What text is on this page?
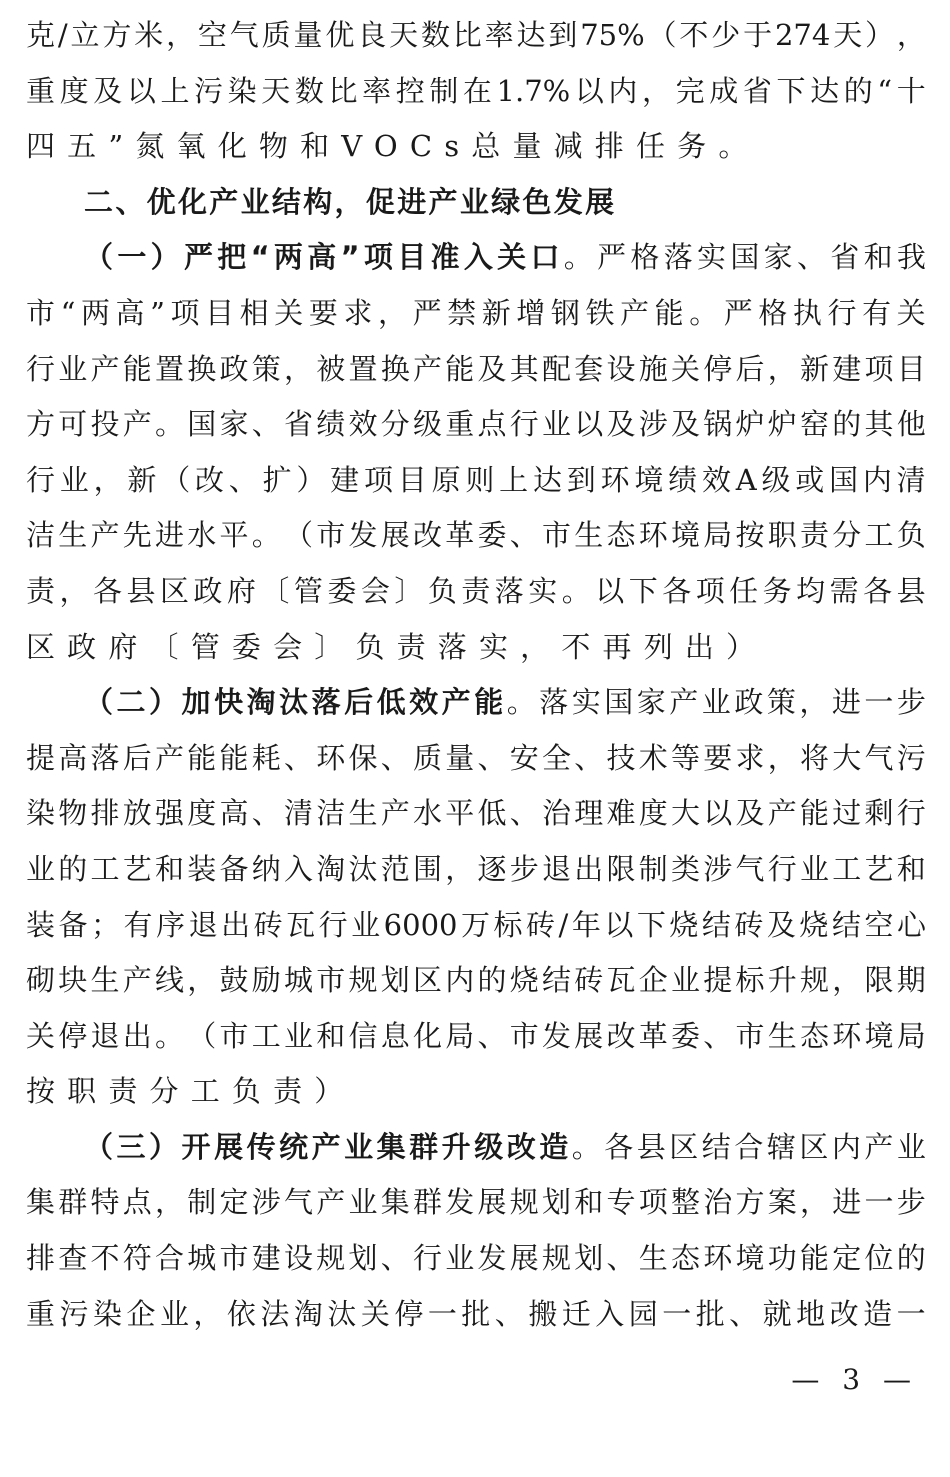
克 / 立 方 米 ， 空 气 质 量 优 良 天 数 比 率 达 到 75% （ 不 少 于 274 天 ） ，
重 度 及 以 上 污 染 天 数 比 率 控 制 在 1.7% 以 内 ， 完 成 省 下 达 的 “ 十
四五”氮氧化物和VOCs总量减排任务。
二、优化产业结构，促进产业绿色发展
（ 一 ） 严 把 “ 两 高 ” 项 目 准 入 关 口 。 严 格 落 实 国 家 、 省 和 我
市 “ 两 高 ” 项 目 相 关 要 求 ， 严 禁 新 增 钢 铁 产 能 。 严 格 执 行 有 关
行 业 产 能 置 换 政 策 ， 被 置 换 产 能 及 其 配 套 设 施 关 停 后 ， 新 建 项 目
方 可 投 产 。 国 家 、 省 绩 效 分 级 重 点 行 业 以 及 涉 及 锅 炉 炉 窑 的 其 他
行 业 ， 新 （ 改 、 扩 ） 建 项 目 原 则 上 达 到 环 境 绩 效 A 级 或 国 内 清
洁 生 产 先 进 水 平 。 （ 市 发 展 改 革 委 、 市 生 态 环 境 局 按 职 责 分 工 负
责 ， 各 县 区 政 府 〔 管 委 会 〕 负 责 落 实 。 以 下 各 项 任 务 均 需 各 县
区政府〔管委会〕负责落实，不再列出）
（ 二 ） 加 快 淘 汰 落 后 低 效 产 能 。 落 实 国 家 产 业 政 策 ， 进 一 步
提 高 落 后 产 能 能 耗 、 环 保 、 质 量 、 安 全 、 技 术 等 要 求 ， 将 大 气 污
染 物 排 放 强 度 高 、 清 洁 生 产 水 平 低 、 治 理 难 度 大 以 及 产 能 过 剩 行
业 的 工 艺 和 装 备 纳 入 淘 汰 范 围 ， 逐 步 退 出 限 制 类 涉 气 行 业 工 艺 和
装 备 ； 有 序 退 出 砖 瓦 行 业 6000 万 标 砖 / 年 以 下 烧 结 砖 及 烧 结 空 心
砌 块 生 产 线 ， 鼓 励 城 市 规 划 区 内 的 烧 结 砖 瓦 企 业 提 标 升 规 ， 限 期
关 停 退 出 。 （ 市 工 业 和 信 息 化 局 、 市 发 展 改 革 委 、 市 生 态 环 境 局
按职责分工负责）
（ 三 ） 开 展 传 统 产 业 集 群 升 级 改 造 。 各 县 区 结 合 辖 区 内 产 业
集 群 特 点 ， 制 定 涉 气 产 业 集 群 发 展 规 划 和 专 项 整 治 方 案 ， 进 一 步
排 查 不 符 合 城 市 建 设 规 划 、 行 业 发 展 规 划 、 生 态 环 境 功 能 定 位 的
重 污 染 企 业 ， 依 法 淘 汰 关 停 一 批 、 搬 迁 入 园 一 批 、 就 地 改 造 一
— 3 —
